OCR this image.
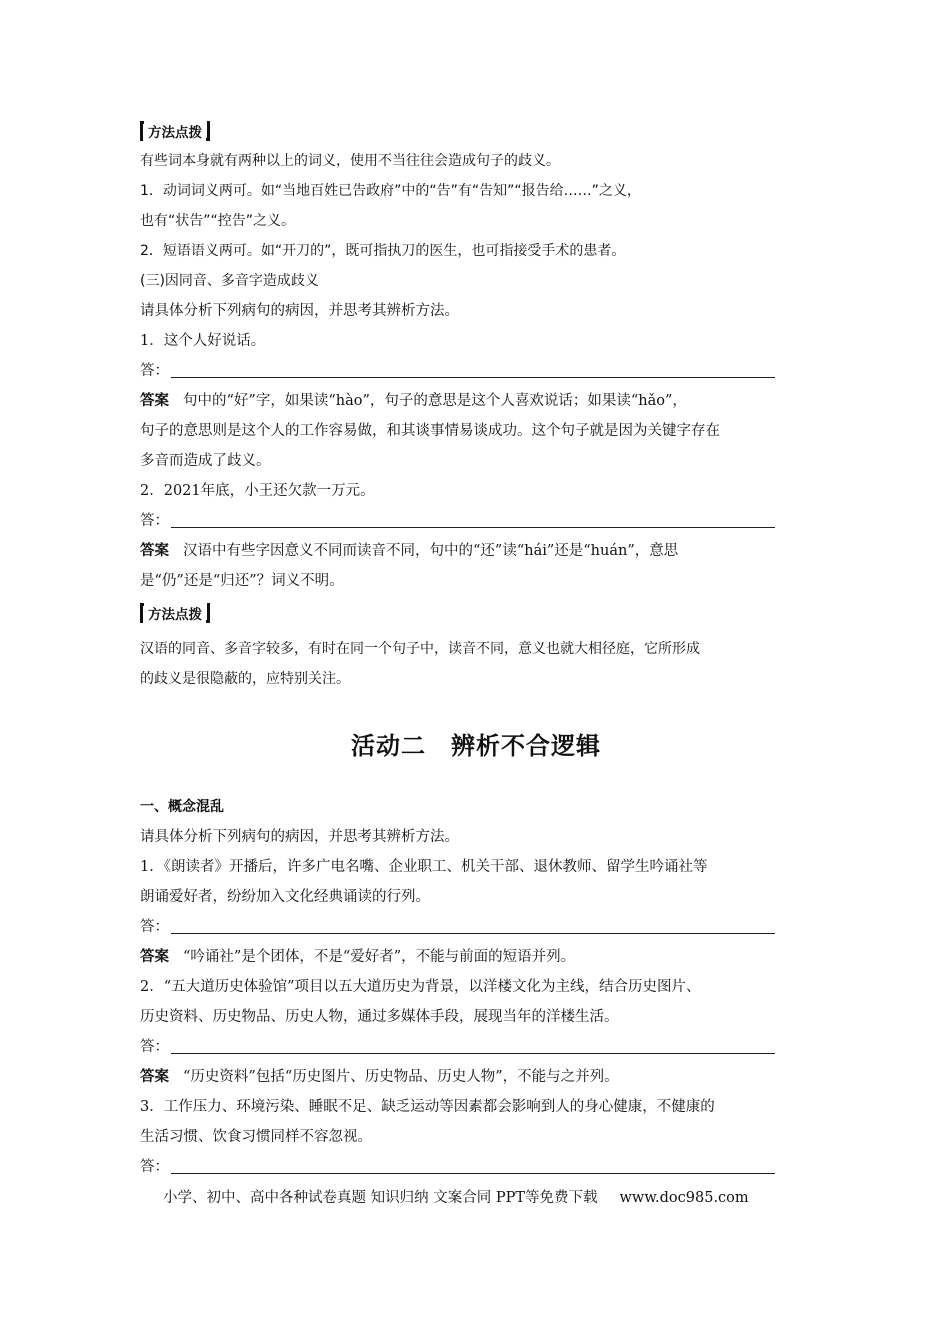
方法点拨
有些词本身就有两种以上的词义，使用不当往往会造成句子的歧义。
1．动词词义两可。如“当地百姓已告政府”中的“告”有“告知”“报告给……”之义，
也有“状告”“控告”之义。
2．短语语义两可。如“开刀的”，既可指执刀的医生，也可指接受手术的患者。
(三)因同音、多音字造成歧义
请具体分析下列病句的病因，并思考其辨析方法。
1．这个人好说话。
答：
答案 句中的“好”字，如果读“hào”，句子的意思是这个人喜欢说话；如果读“hǎo”，
句子的意思则是这个人的工作容易做，和其谈事情易谈成功。这个句子就是因为关键字存在
多音而造成了歧义。
2．2021年底，小王还欠款一万元。
答：
答案 汉语中有些字因意义不同而读音不同，句中的“还”读“hái”还是“huán”，意思
是“仍”还是“归还”？词义不明。
方法点拨
汉语的同音、多音字较多，有时在同一个句子中，读音不同，意义也就大相径庭，它所形成
的歧义是很隐蔽的，应特别关注。
活动二　辨析不合逻辑
一、概念混乱
请具体分析下列病句的病因，并思考其辨析方法。
1．《朗读者》开播后，许多广电名嘴、企业职工、机关干部、退休教师、留学生吟诵社等
朗诵爱好者，纷纷加入文化经典诵读的行列。
答：
答案 “吟诵社”是个团体，不是“爱好者”，不能与前面的短语并列。
2．“五大道历史体验馆”项目以五大道历史为背景，以洋楼文化为主线，结合历史图片、
历史资料、历史物品、历史人物，通过多媒体手段，展现当年的洋楼生活。
答：
答案 “历史资料”包括“历史图片、历史物品、历史人物”，不能与之并列。
3．工作压力、环境污染、睡眠不足、缺乏运动等因素都会影响到人的身心健康，不健康的
生活习惯、饮食习惯同样不容忽视。
答：
小学、初中、高中各种试卷真题 知识归纳 文案合同 PPT等免费下载 www.doc985.com
